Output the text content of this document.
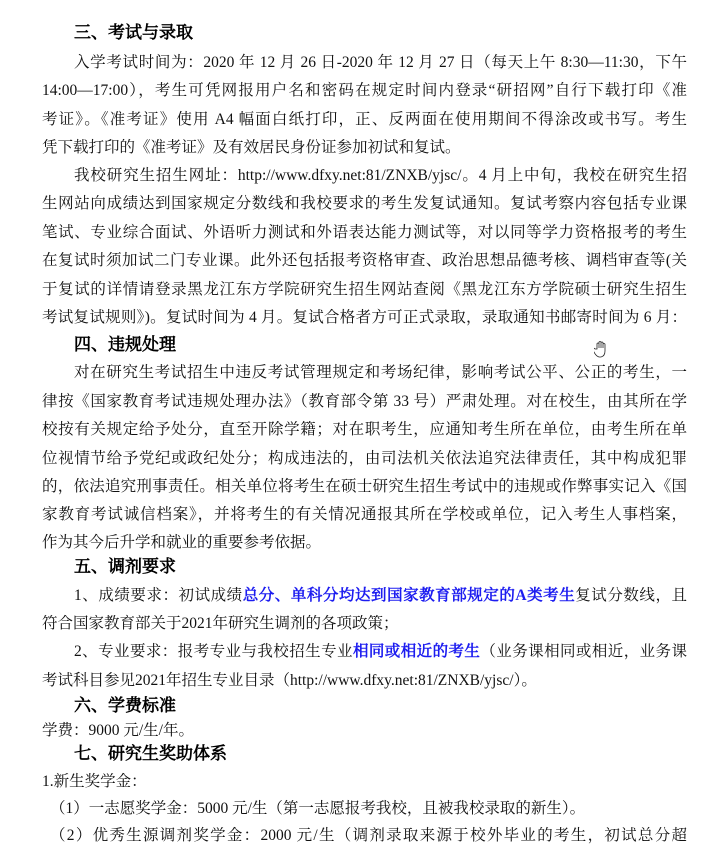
三、考试与录取
入学考试时间为：2020 年 12 月 26 日-2020 年 12 月 27 日（每天上午 8:30—11:30，下午
14:00—17:00），考生可凭网报用户名和密码在规定时间内登录“研招网”自行下载打印《准
考证》。《准考证》使用 A4 幅面白纸打印，正、反两面在使用期间不得涂改或书写。考生
凭下载打印的《准考证》及有效居民身份证参加初试和复试。
我校研究生招生网址：http://www.dfxy.net:81/ZNXB/yjsc/。4 月上中旬，我校在研究生招
生网站向成绩达到国家规定分数线和我校要求的考生发复试通知。复试考察内容包括专业课
笔试、专业综合面试、外语听力测试和外语表达能力测试等，对以同等学力资格报考的考生
在复试时须加试二门专业课。此外还包括报考资格审查、政治思想品德考核、调档审查等(关
于复试的详情请登录黑龙江东方学院研究生招生网站查阅《黑龙江东方学院硕士研究生招生
考试复试规则》)。复试时间为 4 月。复试合格者方可正式录取，录取通知书邮寄时间为 6 月：
四、违规处理
对在研究生考试招生中违反考试管理规定和考场纪律，影响考试公平、公正的考生，一
律按《国家教育考试违规处理办法》（教育部令第 33 号）严肃处理。对在校生，由其所在学
校按有关规定给予处分，直至开除学籍；对在职考生，应通知考生所在单位，由考生所在单
位视情节给予党纪或政纪处分；构成违法的，由司法机关依法追究法律责任，其中构成犯罪
的，依法追究刑事责任。相关单位将考生在硕士研究生招生考试中的违规或作弊事实记入《国
家教育考试诚信档案》，并将考生的有关情况通报其所在学校或单位，记入考生人事档案，
作为其今后升学和就业的重要参考依据。
五、调剂要求
1、成绩要求：初试成绩总分、单科分均达到国家教育部规定的A类考生复试分数线，且
符合国家教育部关于2021年研究生调剂的各项政策；
2、专业要求：报考专业与我校招生专业相同或相近的考生（业务课相同或相近，业务课
考试科目参见2021年招生专业目录（http://www.dfxy.net:81/ZNXB/yjsc/）。
六、学费标准
学费：9000 元/生/年。
七、研究生奖助体系
1.新生奖学金：
（1）一志愿奖学金：5000 元/生（第一志愿报考我校，且被我校录取的新生）。
（2）优秀生源调剂奖学金：2000 元/生（调剂录取来源于校外毕业的考生，初试总分超
